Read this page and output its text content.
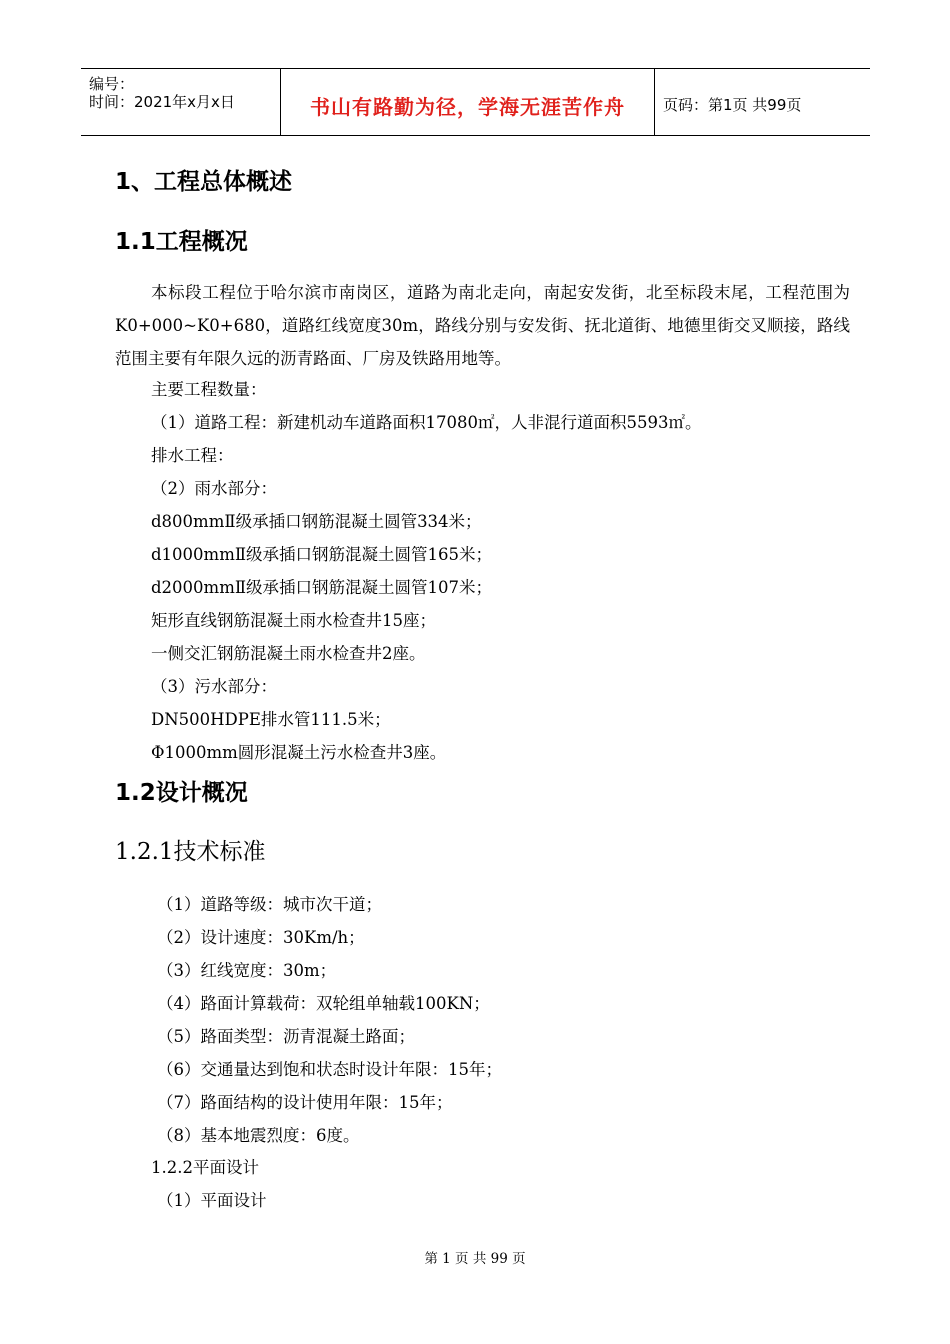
编号：
时间：2021年x月x日	书山有路勤为径，学海无涯苦作舟	页码：第1页 共99页
1、工程总体概述
1.1工程概况
本标段工程位于哈尔滨市南岗区，道路为南北走向，南起安发街，北至标段末尾，工程范围为K0+000~K0+680，道路红线宽度30m，路线分别与安发街、抚北道街、地德里街交叉顺接，路线范围主要有年限久远的沥青路面、厂房及铁路用地等。
主要工程数量：
（1）道路工程：新建机动车道路面积17080㎡，人非混行道面积5593㎡。
排水工程：
（2）雨水部分：
d800mmⅡ级承插口钢筋混凝土圆管334米；
d1000mmⅡ级承插口钢筋混凝土圆管165米；
d2000mmⅡ级承插口钢筋混凝土圆管107米；
矩形直线钢筋混凝土雨水检查井15座；
一侧交汇钢筋混凝土雨水检查井2座。
（3）污水部分：
DN500HDPE排水管111.5米；
Φ1000mm圆形混凝土污水检查井3座。
1.2设计概况
1.2.1技术标准
（1）道路等级：城市次干道；
（2）设计速度：30Km/h；
（3）红线宽度：30m；
（4）路面计算载荷：双轮组单轴载100KN；
（5）路面类型：沥青混凝土路面；
（6）交通量达到饱和状态时设计年限：15年；
（7）路面结构的设计使用年限：15年；
（8）基本地震烈度：6度。
1.2.2平面设计
（1）平面设计
第 1 页 共 99 页
